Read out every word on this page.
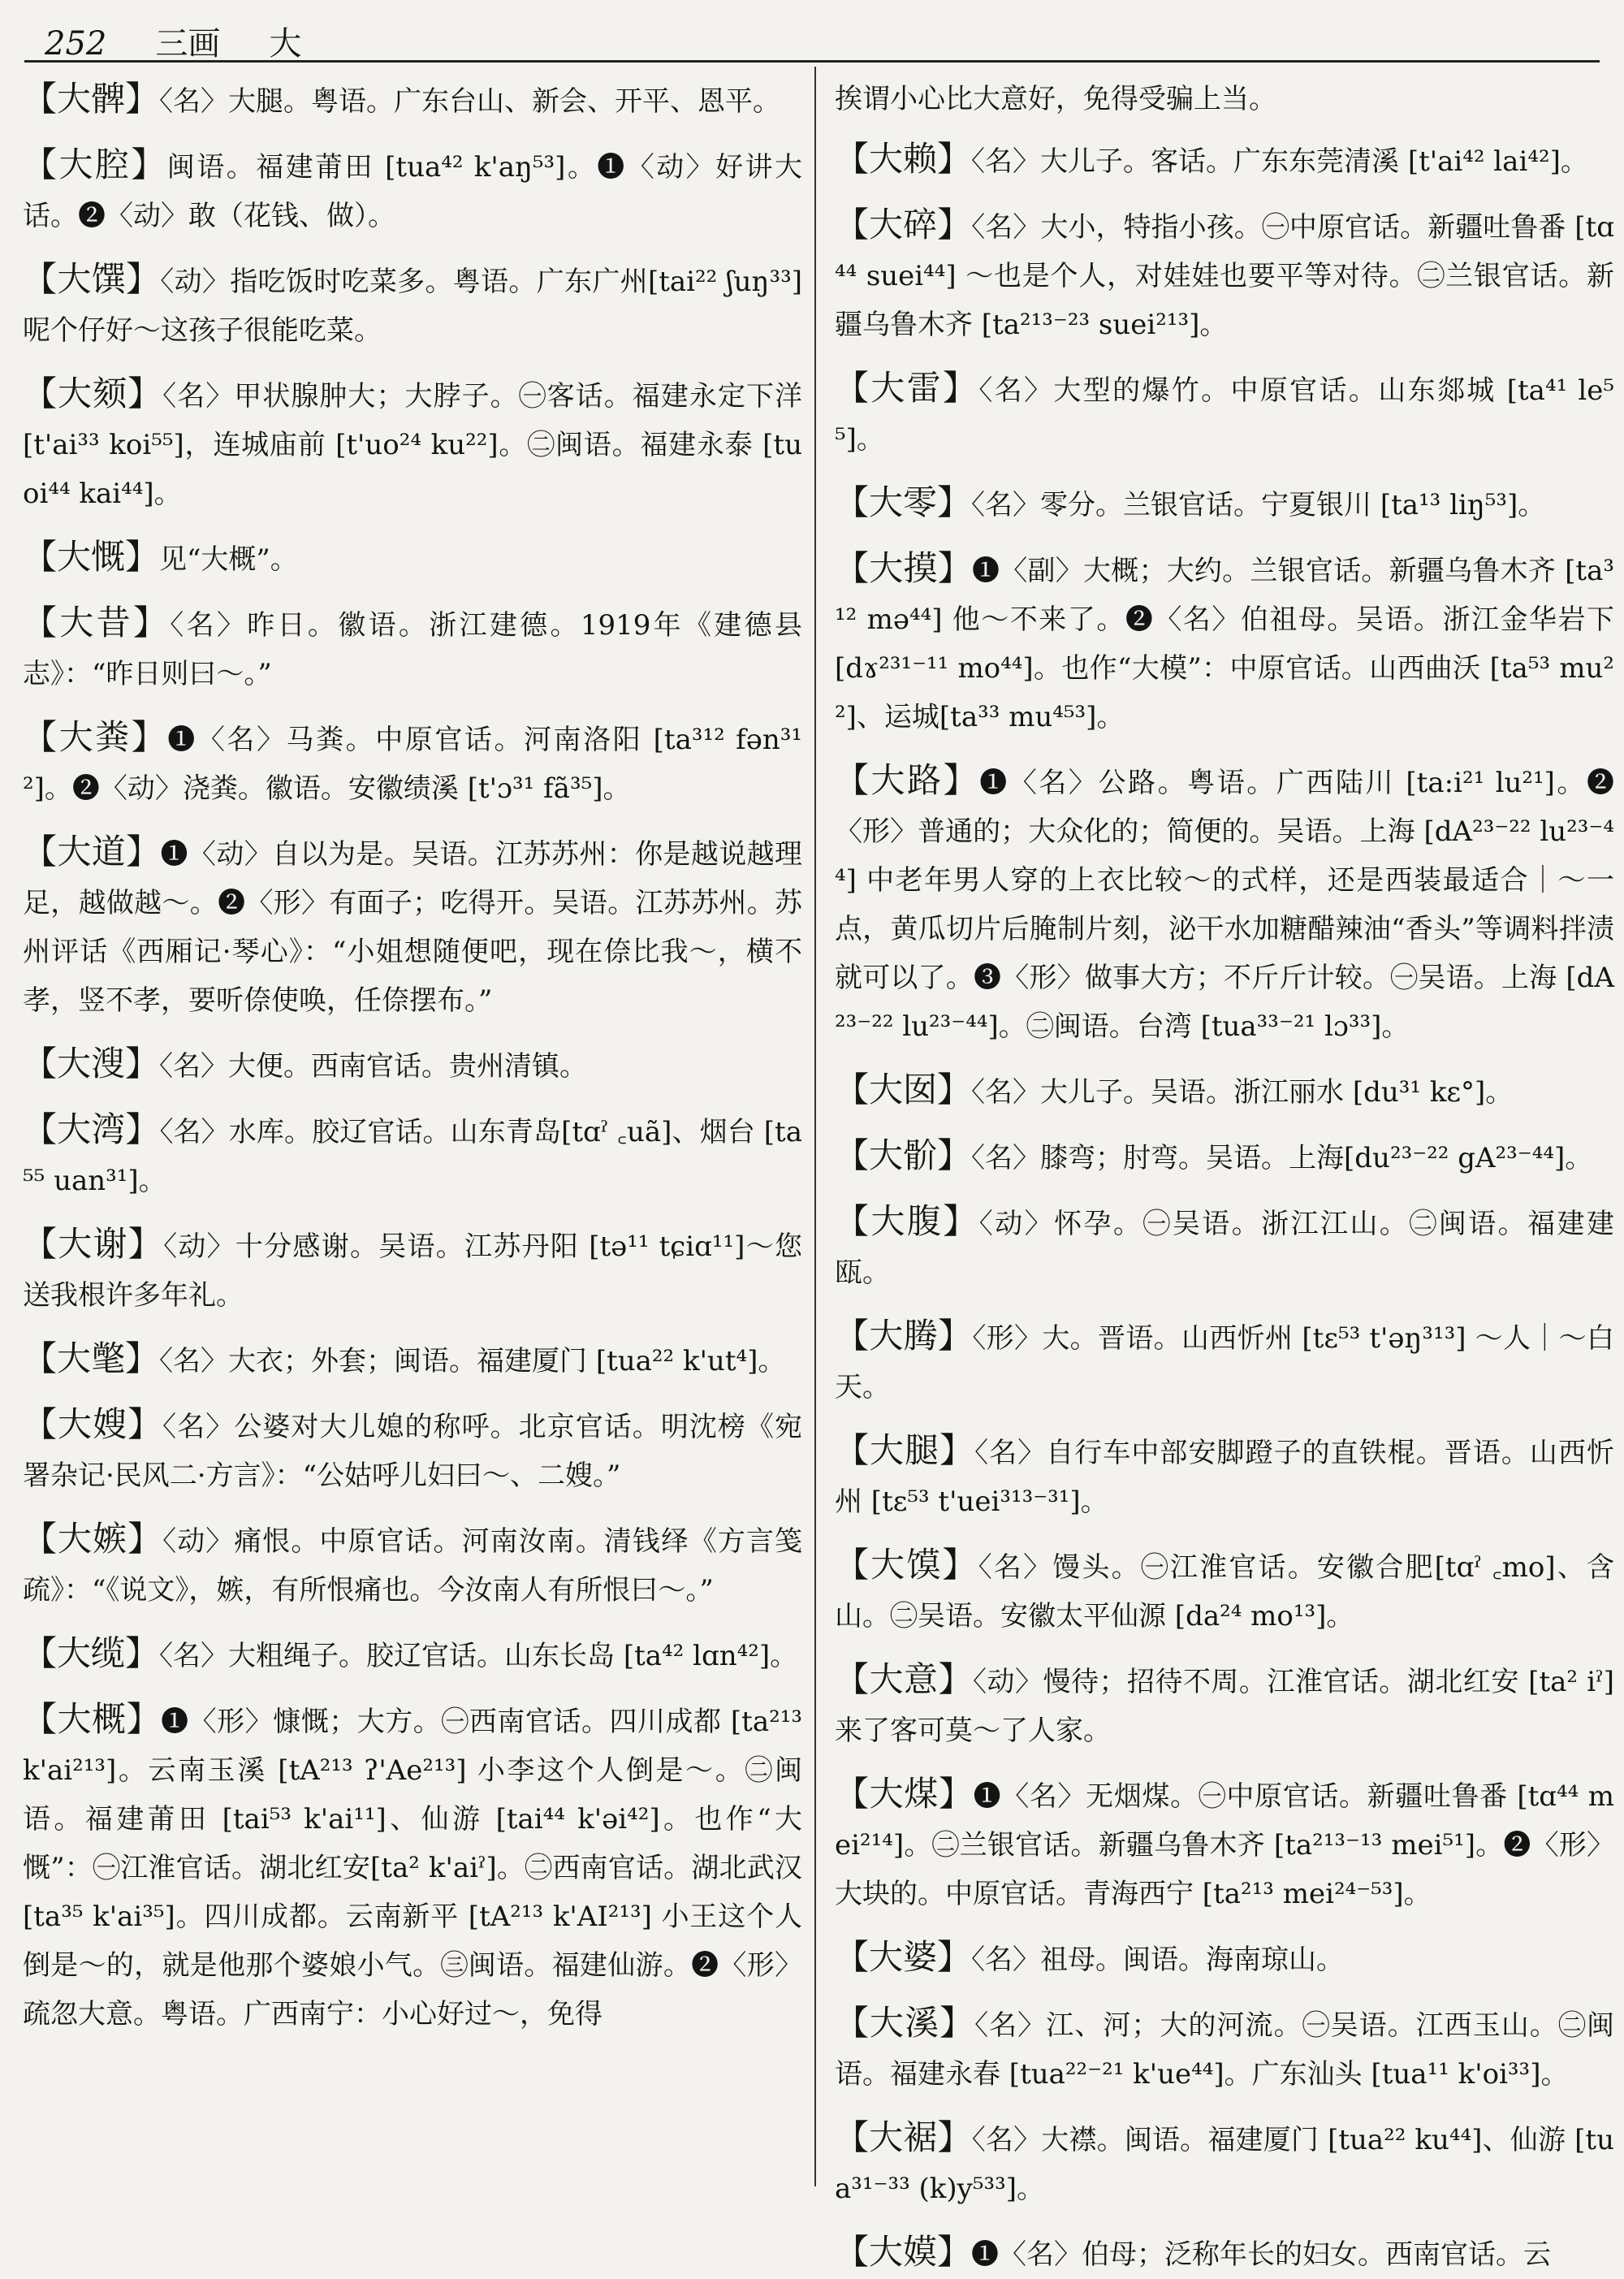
252 三画 大

【大髀】〈名〉大腿。粤语。广东台山、新会、开平、恩平。

【大腔】闽语。福建莆田 [tua⁴² k'aŋ⁵³]。❶〈动〉好讲大话。❷〈动〉敢（花钱、做）。

【大馔】〈动〉指吃饭时吃菜多。粤语。广东广州[tai²² ʃuŋ³³] 呢个仔好～这孩子很能吃菜。

【大颏】〈名〉甲状腺肿大；大脖子。㊀客话。福建永定下洋 [t'ai³³ koi⁵⁵]，连城庙前 [t'uo²⁴ ku²²]。㊁闽语。福建永泰 [tuoi⁴⁴ kai⁴⁴]。

【大慨】见“大概”。

【大昔】〈名〉昨日。徽语。浙江建德。1919年《建德县志》：“昨日则曰～。”

【大粪】❶〈名〉马粪。中原官话。河南洛阳 [ta³¹² fən³¹²]。❷〈动〉浇粪。徽语。安徽绩溪 [t'ɔ³¹ fã³⁵]。

【大道】❶〈动〉自以为是。吴语。江苏苏州：你是越说越理足，越做越～。❷〈形〉有面子；吃得开。吴语。江苏苏州。苏州评话《西厢记·琴心》：“小姐想随便吧，现在倷比我～，横不孝，竖不孝，要听倷使唤，任倷摆布。”

【大溲】〈名〉大便。西南官话。贵州清镇。

【大湾】〈名〉水库。胶辽官话。山东青岛[tɑˀ ꜀uã]、烟台 [ta⁵⁵ uan³¹]。

【大谢】〈动〉十分感谢。吴语。江苏丹阳 [tə¹¹ tɕiɑ¹¹]～您送我根许多年礼。

【大氅】〈名〉大衣；外套；闽语。福建厦门 [tua²² k'ut⁴]。

【大嫂】〈名〉公婆对大儿媳的称呼。北京官话。明沈榜《宛署杂记·民风二·方言》：“公姑呼儿妇曰～、二嫂。”

【大嫉】〈动〉痛恨。中原官话。河南汝南。清钱绎《方言笺疏》：“《说文》，嫉，有所恨痛也。今汝南人有所恨曰～。”

【大缆】〈名〉大粗绳子。胶辽官话。山东长岛 [ta⁴² lɑn⁴²]。

【大概】❶〈形〉慷慨；大方。㊀西南官话。四川成都 [ta²¹³ k'ai²¹³]。云南玉溪 [tA²¹³ ʔ'Ae²¹³] 小李这个人倒是～。㊁闽语。福建莆田 [tai⁵³ k'ai¹¹]、仙游 [tai⁴⁴ k'əi⁴²]。也作“大慨”：㊀江淮官话。湖北红安[ta² k'aiˀ]。㊁西南官话。湖北武汉[ta³⁵ k'ai³⁵]。四川成都。云南新平 [tA²¹³ k'AI²¹³] 小王这个人倒是～的，就是他那个婆娘小气。㊂闽语。福建仙游。❷〈形〉疏忽大意。粤语。广西南宁：小心好过～，免得

挨谓小心比大意好，免得受骗上当。

【大赖】〈名〉大儿子。客话。广东东莞清溪 [t'ai⁴² lai⁴²]。

【大碎】〈名〉大小，特指小孩。㊀中原官话。新疆吐鲁番 [tɑ⁴⁴ suei⁴⁴] ～也是个人，对娃娃也要平等对待。㊁兰银官话。新疆乌鲁木齐 [ta²¹³⁻²³ suei²¹³]。

【大雷】〈名〉大型的爆竹。中原官话。山东郯城 [ta⁴¹ le⁵⁵]。

【大零】〈名〉零分。兰银官话。宁夏银川 [ta¹³ liŋ⁵³]。

【大摸】❶〈副〉大概；大约。兰银官话。新疆乌鲁木齐 [ta³¹² mə⁴⁴] 他～不来了。❷〈名〉伯祖母。吴语。浙江金华岩下 [dɤ²³¹⁻¹¹ mo⁴⁴]。也作“大模”：中原官话。山西曲沃 [ta⁵³ mu²²]、运城[ta³³ mu⁴⁵³]。

【大路】❶〈名〉公路。粤语。广西陆川 [ta:i²¹ lu²¹]。❷〈形〉普通的；大众化的；简便的。吴语。上海 [dA²³⁻²² lu²³⁻⁴⁴] 中老年男人穿的上衣比较～的式样，还是西装最适合｜～一点，黄瓜切片后腌制片刻，泌干水加糖醋辣油“香头”等调料拌渍就可以了。❸〈形〉做事大方；不斤斤计较。㊀吴语。上海 [dA²³⁻²² lu²³⁻⁴⁴]。㊁闽语。台湾 [tua³³⁻²¹ lɔ³³]。

【大囡】〈名〉大儿子。吴语。浙江丽水 [du³¹ kɛ°]。

【大骱】〈名〉膝弯；肘弯。吴语。上海[du²³⁻²² gA²³⁻⁴⁴]。

【大腹】〈动〉怀孕。㊀吴语。浙江江山。㊁闽语。福建建瓯。

【大腾】〈形〉大。晋语。山西忻州 [tɛ⁵³ t'əŋ³¹³] ～人｜～白天。

【大腿】〈名〉自行车中部安脚蹬子的直铁棍。晋语。山西忻州 [tɛ⁵³ t'uei³¹³⁻³¹]。

【大馍】〈名〉馒头。㊀江淮官话。安徽合肥[tɑˀ ꜀mo]、含山。㊁吴语。安徽太平仙源 [da²⁴ mo¹³]。

【大意】〈动〉慢待；招待不周。江淮官话。湖北红安 [ta² iˀ] 来了客可莫～了人家。

【大煤】❶〈名〉无烟煤。㊀中原官话。新疆吐鲁番 [tɑ⁴⁴ mei²¹⁴]。㊁兰银官话。新疆乌鲁木齐 [ta²¹³⁻¹³ mei⁵¹]。❷〈形〉大块的。中原官话。青海西宁 [ta²¹³ mei²⁴⁻⁵³]。

【大婆】〈名〉祖母。闽语。海南琼山。

【大溪】〈名〉江、河；大的河流。㊀吴语。江西玉山。㊁闽语。福建永春 [tua²²⁻²¹ k'ue⁴⁴]。广东汕头 [tua¹¹ k'oi³³]。

【大裾】〈名〉大襟。闽语。福建厦门 [tua²² ku⁴⁴]、仙游 [tua³¹⁻³³ (k)y⁵³³]。

【大嫫】❶〈名〉伯母；泛称年长的妇女。西南官话。云
